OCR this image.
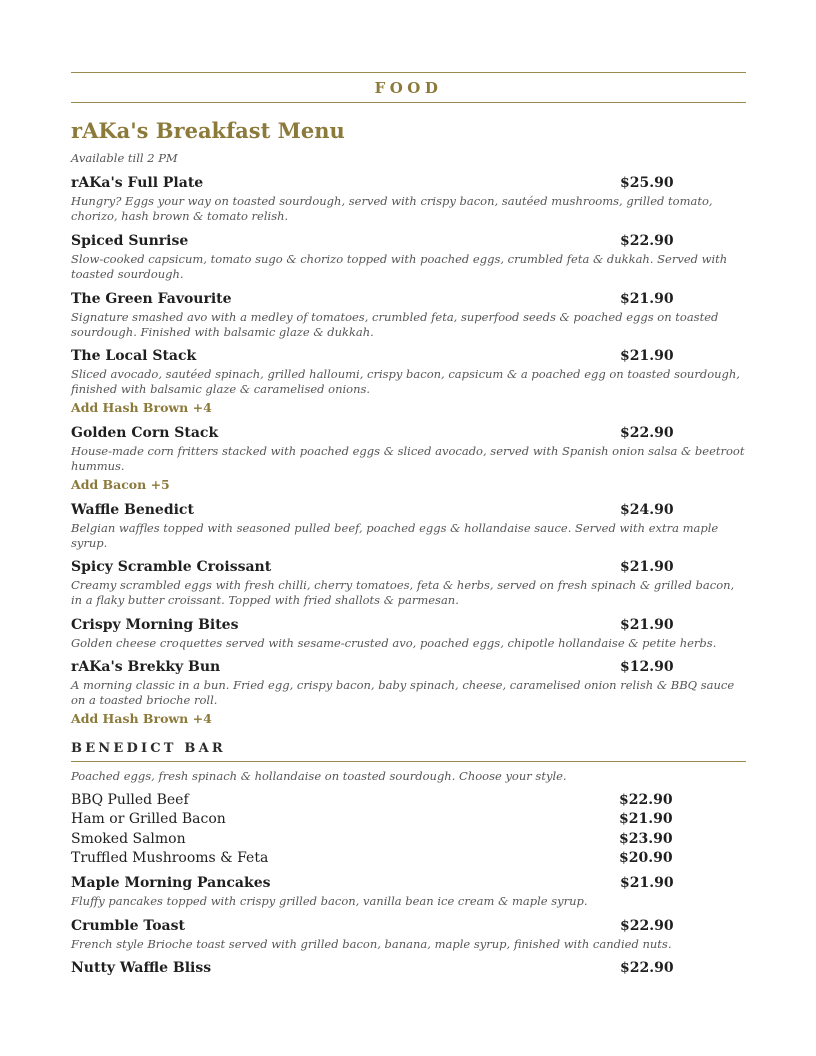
FOOD
rAKa's Breakfast Menu
Available till 2 PM
rAKa's Full Plate	$25.90
Hungry? Eggs your way on toasted sourdough, served with crispy bacon, sautéed mushrooms, grilled tomato, chorizo, hash brown & tomato relish.
Spiced Sunrise	$22.90
Slow-cooked capsicum, tomato sugo & chorizo topped with poached eggs, crumbled feta & dukkah. Served with toasted sourdough.
The Green Favourite	$21.90
Signature smashed avo with a medley of tomatoes, crumbled feta, superfood seeds & poached eggs on toasted sourdough. Finished with balsamic glaze & dukkah.
The Local Stack	$21.90
Sliced avocado, sautéed spinach, grilled halloumi, crispy bacon, capsicum & a poached egg on toasted sourdough, finished with balsamic glaze & caramelised onions.
Add Hash Brown +4
Golden Corn Stack	$22.90
House-made corn fritters stacked with poached eggs & sliced avocado, served with Spanish onion salsa & beetroot hummus.
Add Bacon +5
Waffle Benedict	$24.90
Belgian waffles topped with seasoned pulled beef, poached eggs & hollandaise sauce. Served with extra maple syrup.
Spicy Scramble Croissant	$21.90
Creamy scrambled eggs with fresh chilli, cherry tomatoes, feta & herbs, served on fresh spinach & grilled bacon, in a flaky butter croissant. Topped with fried shallots & parmesan.
Crispy Morning Bites	$21.90
Golden cheese croquettes served with sesame-crusted avo, poached eggs, chipotle hollandaise & petite herbs.
rAKa's Brekky Bun	$12.90
A morning classic in a bun. Fried egg, crispy bacon, baby spinach, cheese, caramelised onion relish & BBQ sauce on a toasted brioche roll.
Add Hash Brown +4
BENEDICT BAR
Poached eggs, fresh spinach & hollandaise on toasted sourdough. Choose your style.
BBQ Pulled Beef	$22.90
Ham or Grilled Bacon	$21.90
Smoked Salmon	$23.90
Truffled Mushrooms & Feta	$20.90
Maple Morning Pancakes	$21.90
Fluffy pancakes topped with crispy grilled bacon, vanilla bean ice cream & maple syrup.
Crumble Toast	$22.90
French style Brioche toast served with grilled bacon, banana, maple syrup, finished with candied nuts.
Nutty Waffle Bliss	$22.90
